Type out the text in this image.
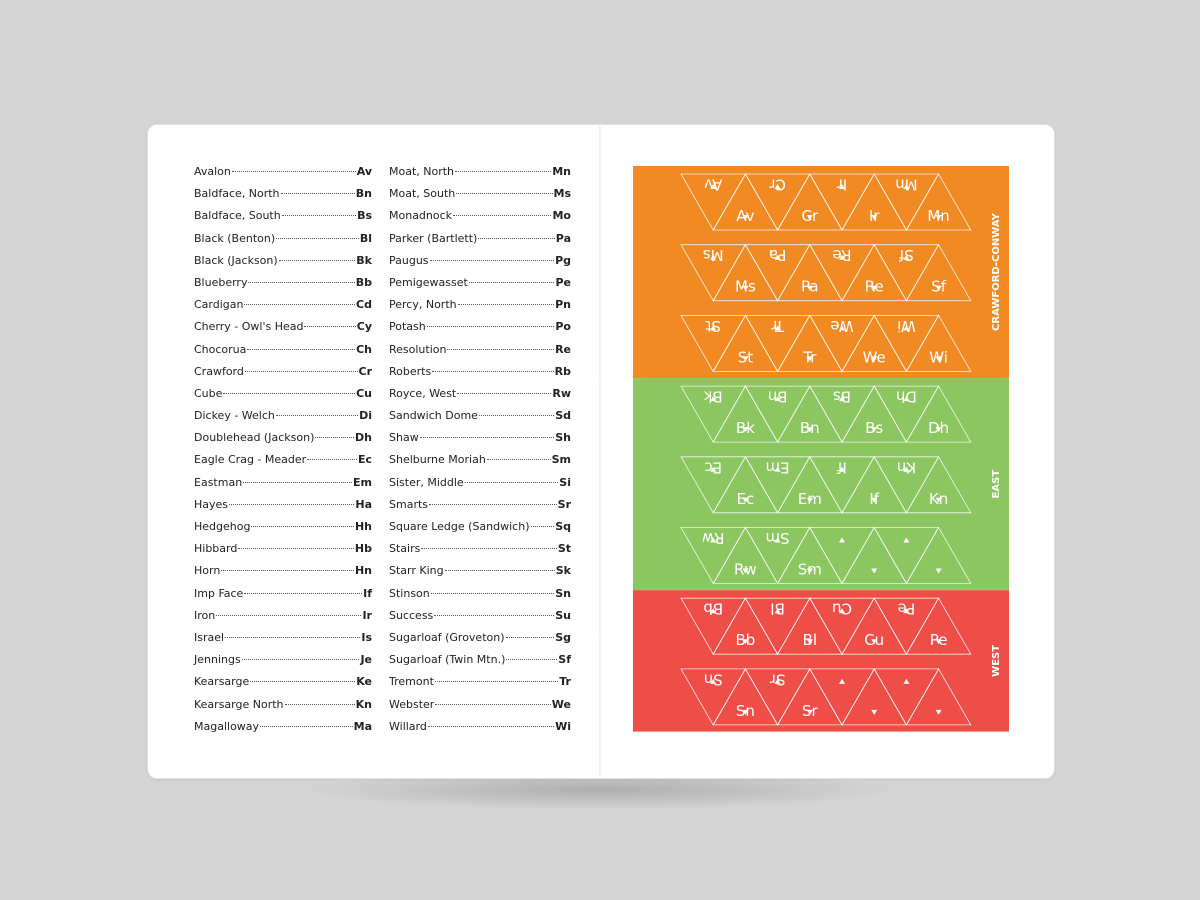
Avalon	Av
Baldface, North	Bn
Baldface, South	Bs
Black (Benton)	Bl
Black (Jackson)	Bk
Blueberry	Bb
Cardigan	Cd
Cherry - Owl's Head	Cy
Chocorua	Ch
Crawford	Cr
Cube	Cu
Dickey - Welch	Di
Doublehead (Jackson)	Dh
Eagle Crag - Meader	Ec
Eastman	Em
Hayes	Ha
Hedgehog	Hh
Hibbard	Hb
Horn	Hn
Imp Face	If
Iron	Ir
Israel	Is
Jennings	Je
Kearsarge	Ke
Kearsarge North	Kn
Magalloway	Ma
Moat, North	Mn
Moat, South	Ms
Monadnock	Mo
Parker (Bartlett)	Pa
Paugus	Pg
Pemigewasset	Pe
Percy, North	Pn
Potash	Po
Resolution	Re
Roberts	Rb
Royce, West	Rw
Sandwich Dome	Sd
Shaw	Sh
Shelburne Moriah	Sm
Sister, Middle	Si
Smarts	Sr
Square Ledge (Sandwich) Sq
Stairs	St
Starr King	Sk
Stinson	Sn
Success	Su
Sugarloaf (Groveton)	Sg
Sugarloaf (Twin Mtn.)	Sf
Tremont	Tr
Webster	We
Willard	Wi
CRAWFORD-CONWAY
Av
Av
Cr
Cr
Ir
Ir
Mn
Mn
Ms
Ms
Pa
Pa
Re
Re
Sf
Sf
St
St
Tr
Tr
We
We
Wi
Wi
EAST
Bk
Bk
Bn
Bn
Bs
Bs
Dh
Dh
Ec
Ec
Em
Em
If
If
Kn
Kn
Rw
Rw
Sm
Sm
WEST
Bb
Bb
Bl
Bl
Cu
Cu
Pe
Pe
Sn
Sn
Sr
Sr
